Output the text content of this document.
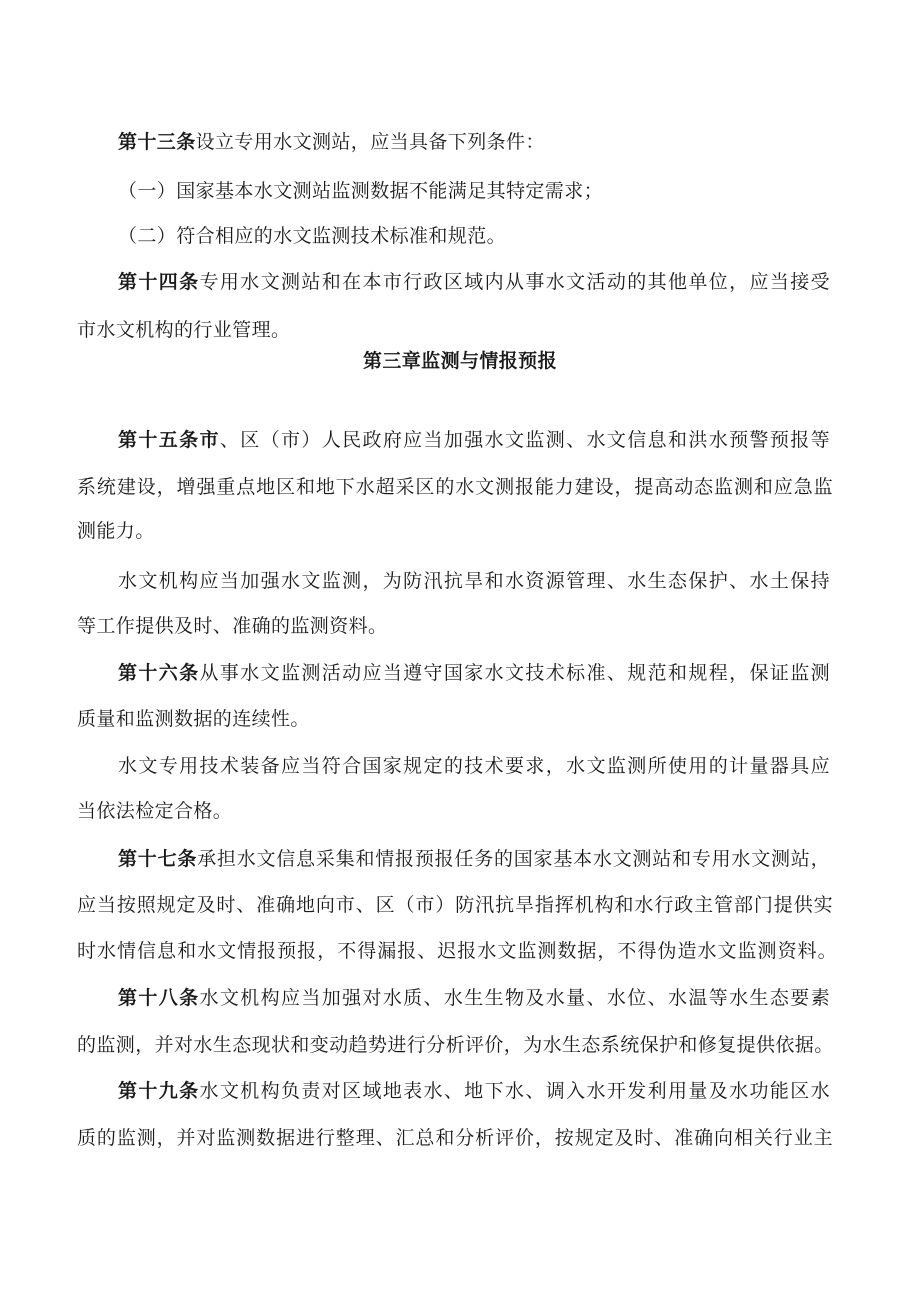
第十三条设立专用水文测站，应当具备下列条件：
（一）国家基本水文测站监测数据不能满足其特定需求；
（二）符合相应的水文监测技术标准和规范。
第十四条专用水文测站和在本市行政区域内从事水文活动的其他单位，应当接受
市水文机构的行业管理。
第三章监测与情报预报
第十五条市、区（市）人民政府应当加强水文监测、水文信息和洪水预警预报等
系统建设，增强重点地区和地下水超采区的水文测报能力建设，提高动态监测和应急监
测能力。
水文机构应当加强水文监测，为防汛抗旱和水资源管理、水生态保护、水土保持
等工作提供及时、准确的监测资料。
第十六条从事水文监测活动应当遵守国家水文技术标准、规范和规程，保证监测
质量和监测数据的连续性。
水文专用技术装备应当符合国家规定的技术要求，水文监测所使用的计量器具应
当依法检定合格。
第十七条承担水文信息采集和情报预报任务的国家基本水文测站和专用水文测站，
应当按照规定及时、准确地向市、区（市）防汛抗旱指挥机构和水行政主管部门提供实
时水情信息和水文情报预报，不得漏报、迟报水文监测数据，不得伪造水文监测资料。
第十八条水文机构应当加强对水质、水生生物及水量、水位、水温等水生态要素
的监测，并对水生态现状和变动趋势进行分析评价，为水生态系统保护和修复提供依据。
第十九条水文机构负责对区域地表水、地下水、调入水开发利用量及水功能区水
质的监测，并对监测数据进行整理、汇总和分析评价，按规定及时、准确向相关行业主
